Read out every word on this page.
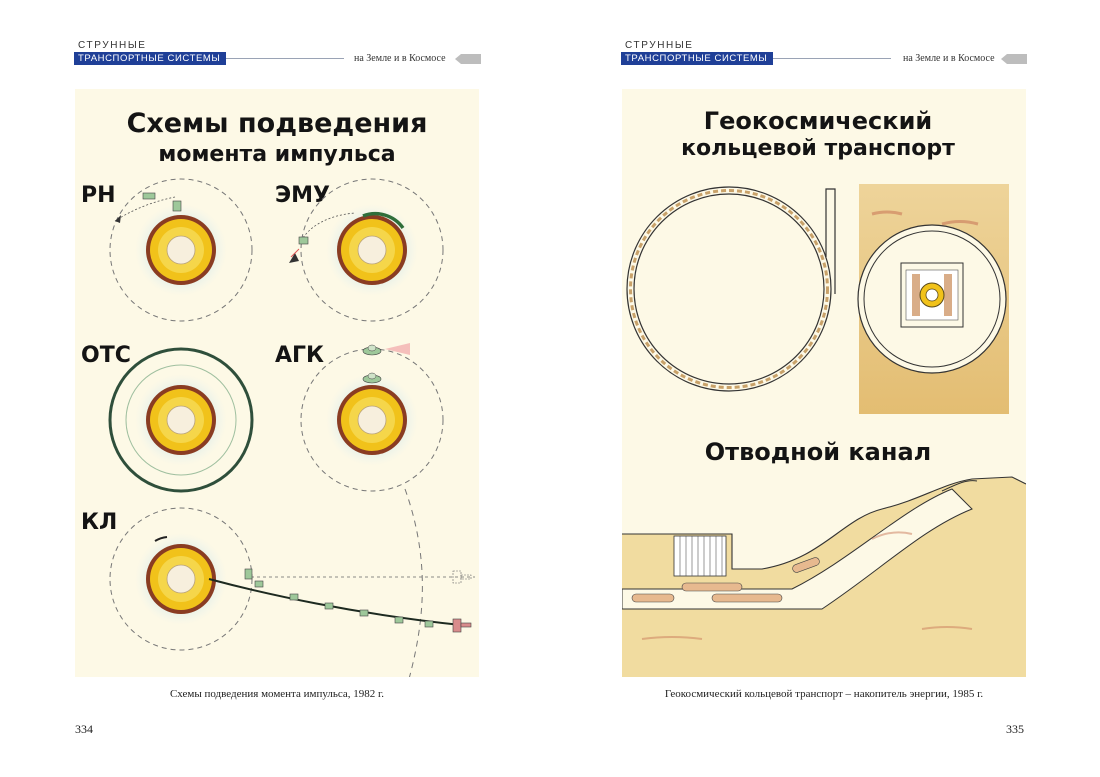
СТРУННЫЕ
ТРАНСПОРТНЫЕ СИСТЕМЫ >>
на Земле и в Космосе
Схемы подведения
момента импульса
РН	ЭМУ
ОТС	АГК
КЛ
Схемы подведения момента импульса, 1982 г.
334
СТРУННЫЕ
ТРАНСПОРТНЫЕ СИСТЕМЫ >>
на Земле и в Космосе
Геокосмический
кольцевой транспорт
Отводной канал
Геокосмический кольцевой транспорт – накопитель энергии, 1985 г.
335
